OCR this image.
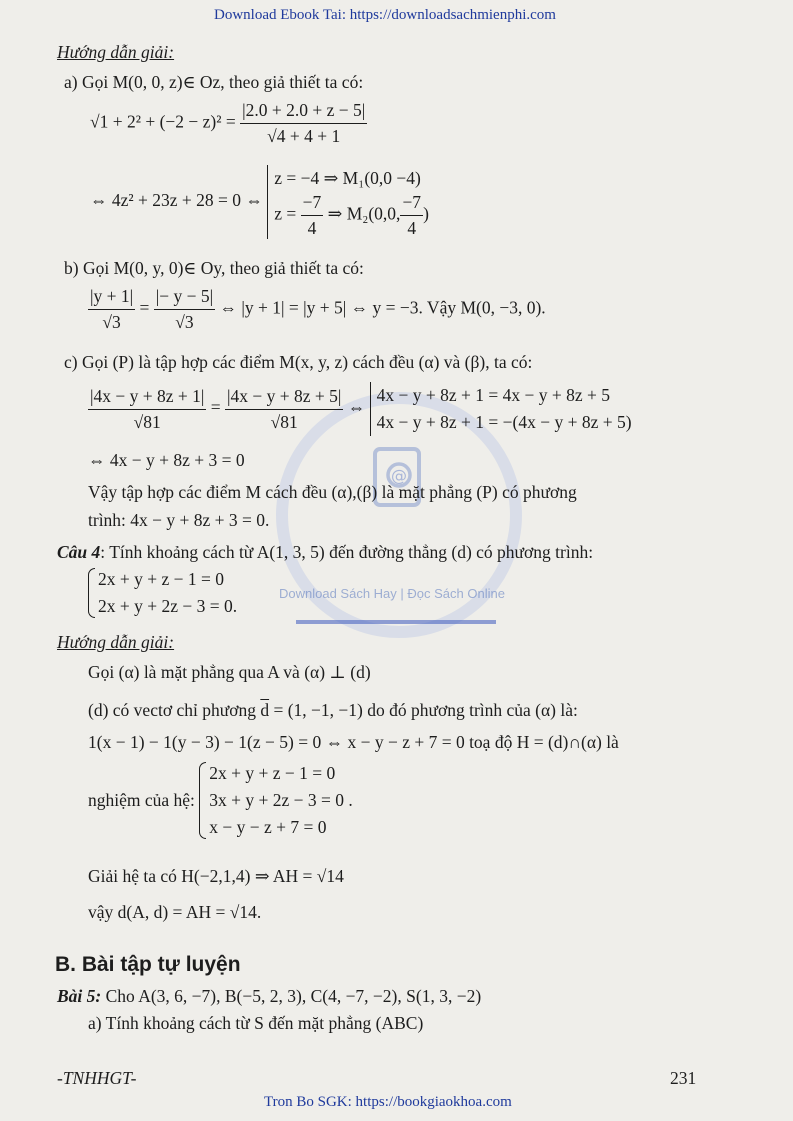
@
Download Sách Hay | Đọc Sách Online
Download Ebook Tai: https://downloadsachmienphi.com
Hướng dẫn giải:
a) Gọi M(0, 0, z)∈ Oz, theo giả thiết ta có:
$√1 + 2^2 + (-2 - z)^2 = \frac{|2.0 + 2.0 + z - 5|}{√4 + 4 + 1}$
⇔ 4z² + 23z + 28 = 0 ⇔
z = −4 ⇒ M₁(0,0 −4)
$z = \frac{-7}{4}$ ⇒ M₂(0,0, $\frac{-7}{4}$ )
b) Gọi M(0, y, 0)∈ Oy, theo giả thiết ta có:
$\frac{|y + 1|}{√3} = \frac{|- y - 5|}{√3}$ ⇔ |y + 1| = |y + 5| ⇔ y = −3. Vậy M(0, −3, 0).
c) Gọi (P) là tập hợp các điểm M(x, y, z) cách đều (α) và (β), ta có:
$\frac{|4x - y + 8z + 1|}{√81} = \frac{|4x - y + 8z + 5|}{√81}$ ⇔
4x − y + 8z + 1 = 4x − y + 8z + 5
4x − y + 8z + 1 = −(4x − y + 8z + 5)
⇔ 4x − y + 8z + 3 = 0
Vậy tập hợp các điểm M cách đều (α),(β) là mặt phẳng (P) có phương
trình: 4x − y + 8z + 3 = 0.
Câu 4: Tính khoảng cách từ A(1, 3, 5) đến đường thẳng (d) có phương trình:
2x + y + z − 1 = 0
2x + y + 2z − 3 = 0.
Hướng dẫn giải:
Gọi (α) là mặt phẳng qua A và (α) ⊥ (d)
(d) có vectơ chỉ phương $\overline{d} = (1$, −1, −1) do đó phương trình của (α) là:
1(x − 1) − 1(y − 3) − 1(z − 5) = 0 ⇔ x − y − z + 7 = 0 toạ độ H = (d)∩(α) là
nghiệm của hệ:
2x + y + z − 1 = 0
3x + y + 2z − 3 = 0 .
x − y − z + 7 = 0
Giải hệ ta có H(−2,1,4) ⇒ AH = √14
vậy d(A, d) = AH = √14.
B. Bài tập tự luyện
Bài 5: Cho A(3, 6, −7), B(−5, 2, 3), C(4, −7, −2), S(1, 3, −2)
a) Tính khoảng cách từ S đến mặt phẳng (ABC)
-TNHHGT-	231
Tron Bo SGK: https://bookgiaokhoa.com
